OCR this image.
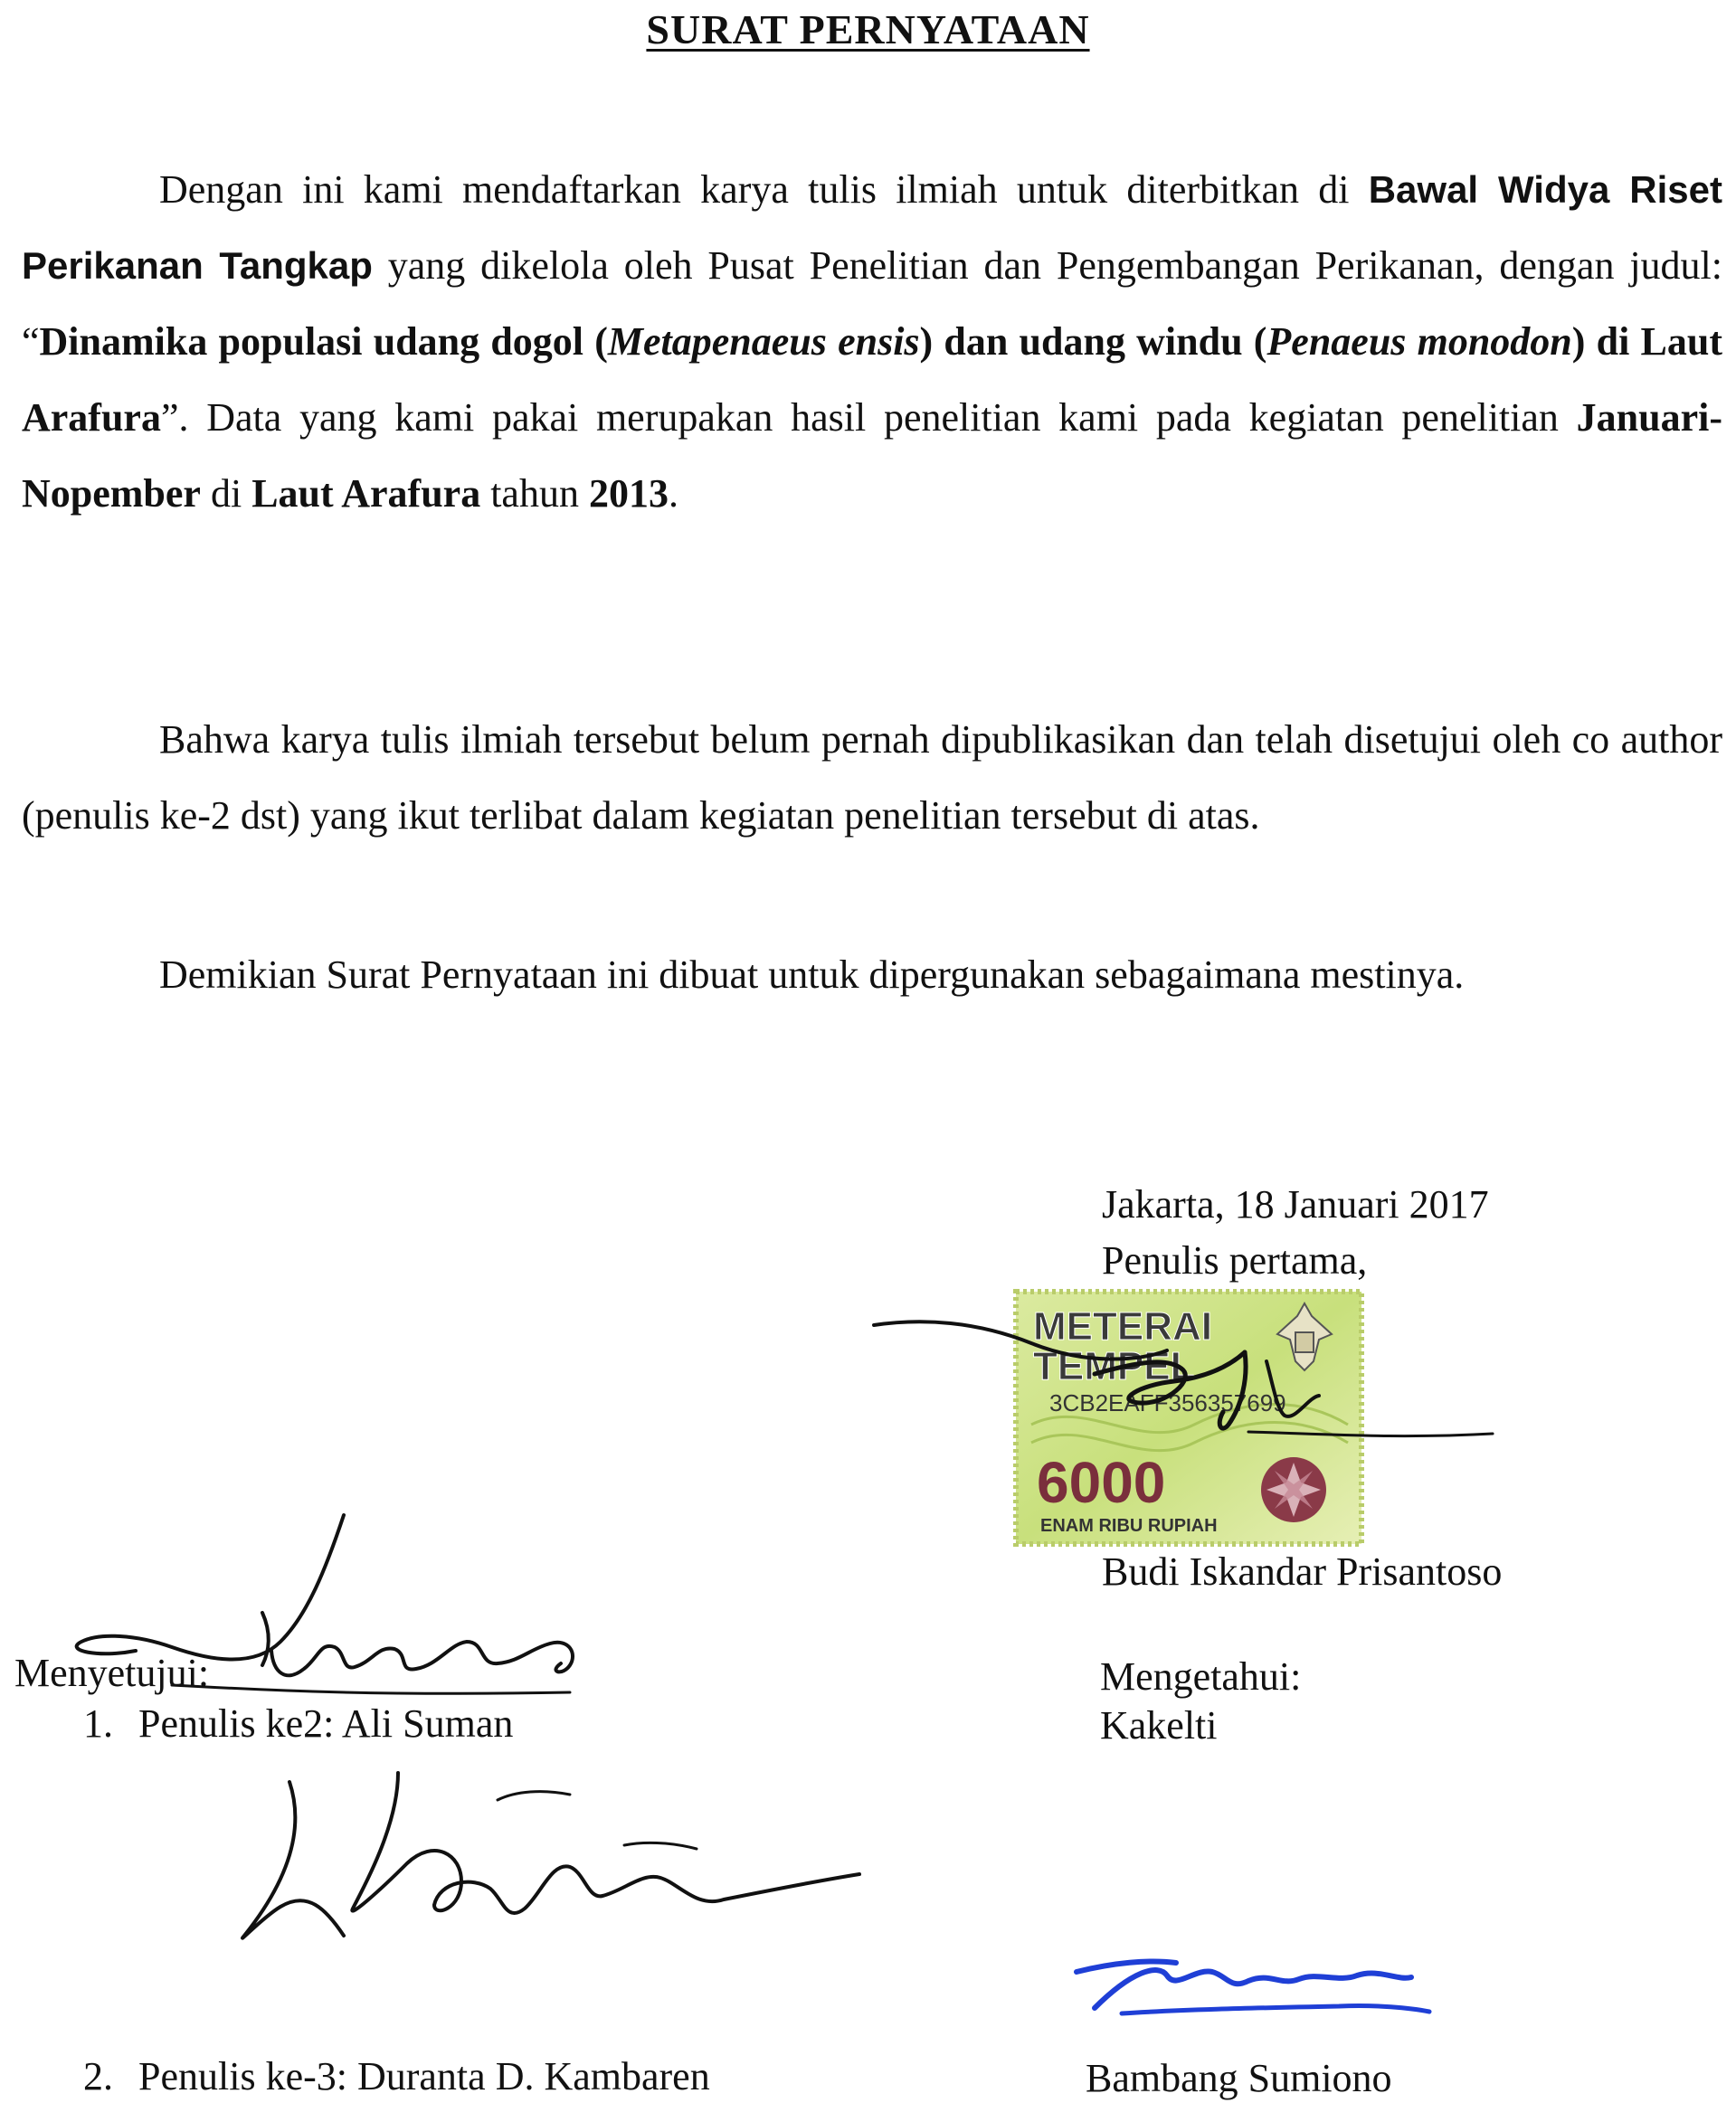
SURAT PERNYATAAN

Dengan ini kami mendaftarkan karya tulis ilmiah untuk diterbitkan di Bawal Widya Riset Perikanan Tangkap yang dikelola oleh Pusat Penelitian dan Pengembangan Perikanan, dengan judul: “Dinamika populasi udang dogol (Metapenaeus ensis) dan udang windu (Penaeus monodon) di Laut Arafura”. Data yang kami pakai merupakan hasil penelitian kami pada kegiatan penelitian Januari-Nopember di Laut Arafura tahun 2013.

Bahwa karya tulis ilmiah tersebut belum pernah dipublikasikan dan telah disetujui oleh co author (penulis ke-2 dst) yang ikut terlibat dalam kegiatan penelitian tersebut di atas.

Demikian Surat Pernyataan ini dibuat untuk dipergunakan sebagaimana mestinya.

Jakarta, 18 Januari 2017
Penulis pertama,
METERAI
TEMPEL
3CB2EAFF356357699
6000
ENAM RIBU RUPIAH
Budi Iskandar Prisantoso
Menyetujui:
1. Penulis ke2: Ali Suman
Mengetahui:
Kakelti
2. Penulis ke-3: Duranta D. Kambaren	Bambang Sumiono
